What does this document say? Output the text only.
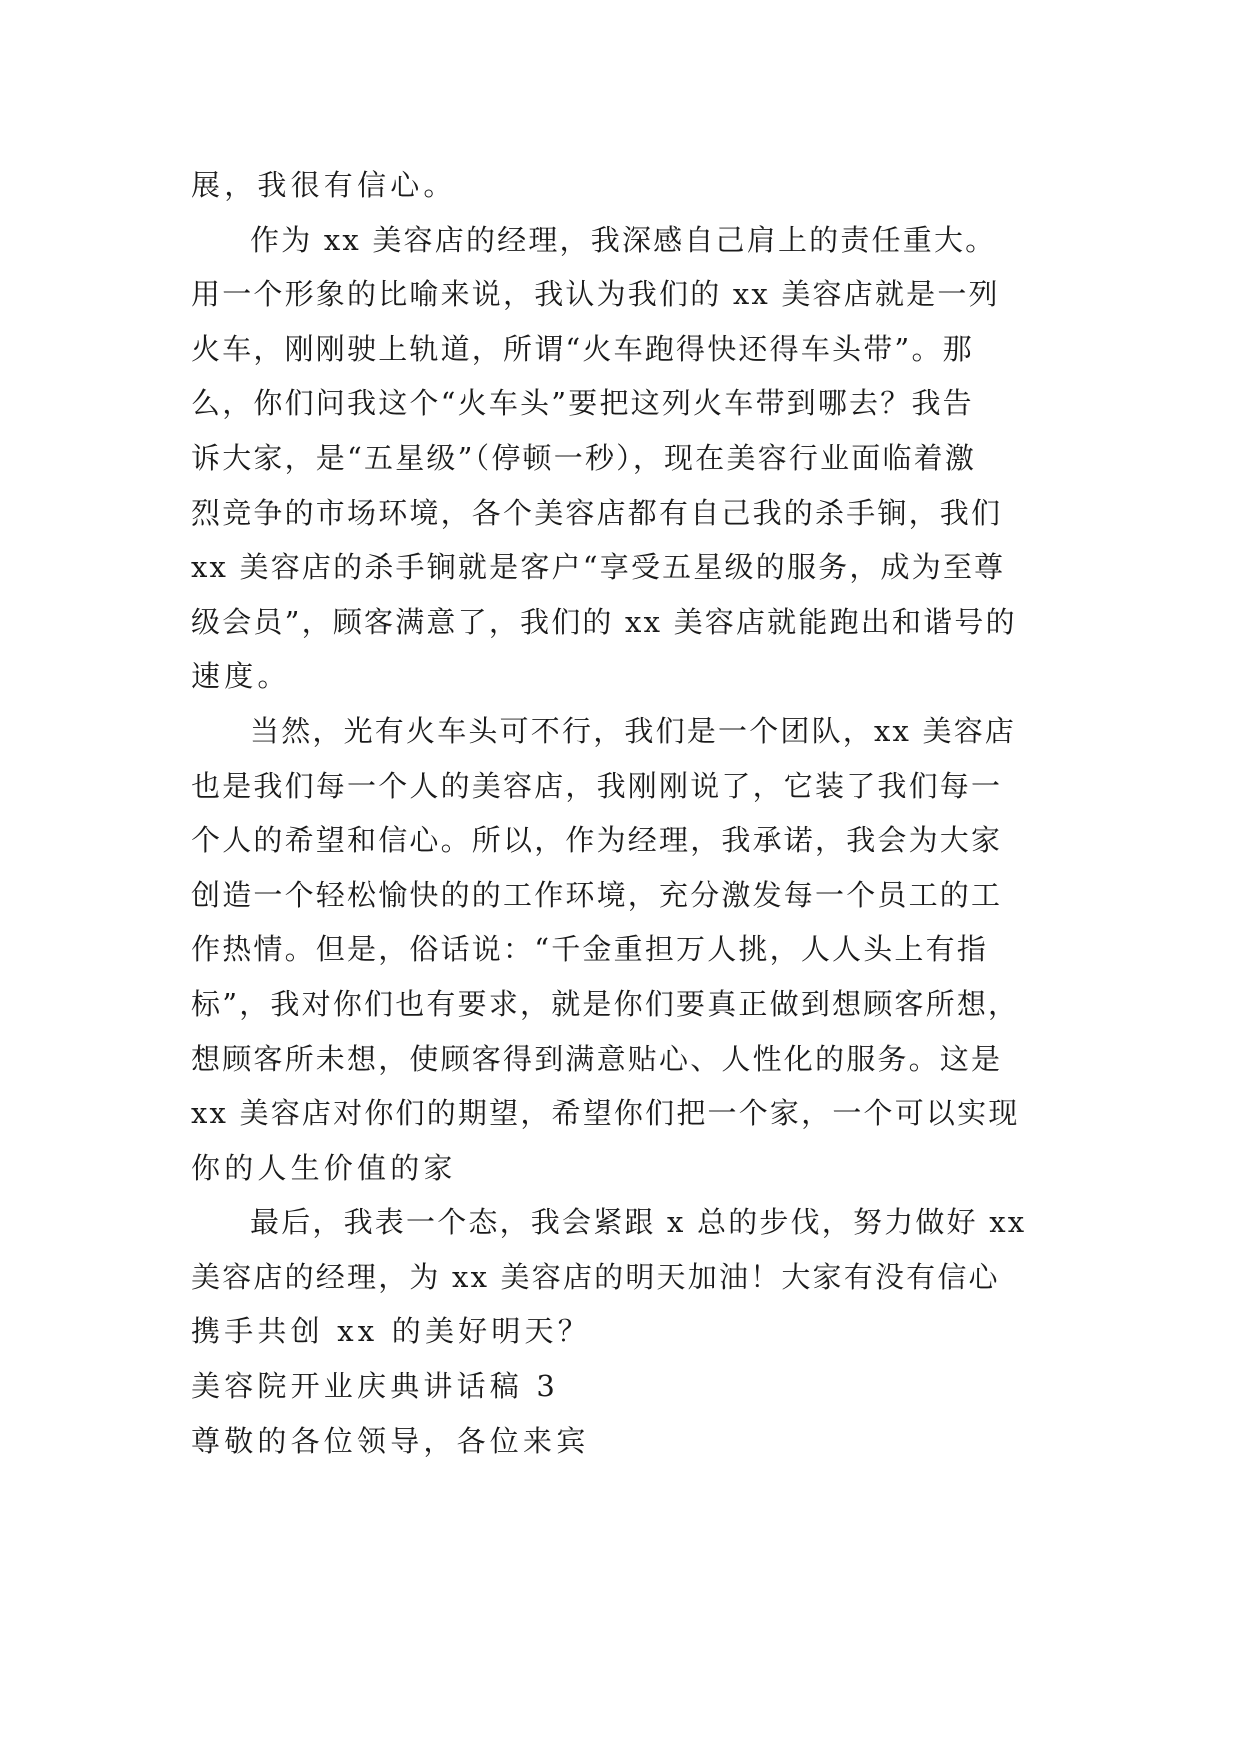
展，我很有信心。
作为 xx 美容店的经理，我深感自己肩上的责任重大。
用一个形象的比喻来说，我认为我们的 xx 美容店就是一列
火车，刚刚驶上轨道，所谓“火车跑得快还得车头带”。那
么，你们问我这个“火车头”要把这列火车带到哪去？我告
诉大家，是“五星级”（停顿一秒），现在美容行业面临着激
烈竞争的市场环境，各个美容店都有自己我的杀手锏，我们
xx 美容店的杀手锏就是客户“享受五星级的服务，成为至尊
级会员”，顾客满意了，我们的 xx 美容店就能跑出和谐号的
速度。
当然，光有火车头可不行，我们是一个团队，xx 美容店
也是我们每一个人的美容店，我刚刚说了，它装了我们每一
个人的希望和信心。所以，作为经理，我承诺，我会为大家
创造一个轻松愉快的的工作环境，充分激发每一个员工的工
作热情。但是，俗话说：“千金重担万人挑，人人头上有指
标”，我对你们也有要求，就是你们要真正做到想顾客所想，
想顾客所未想，使顾客得到满意贴心、人性化的服务。这是
xx 美容店对你们的期望，希望你们把一个家，一个可以实现
你的人生价值的家
最后，我表一个态，我会紧跟 x 总的步伐，努力做好 xx
美容店的经理，为 xx 美容店的明天加油！大家有没有信心
携手共创 xx 的美好明天？
美容院开业庆典讲话稿 3
尊敬的各位领导，各位来宾
